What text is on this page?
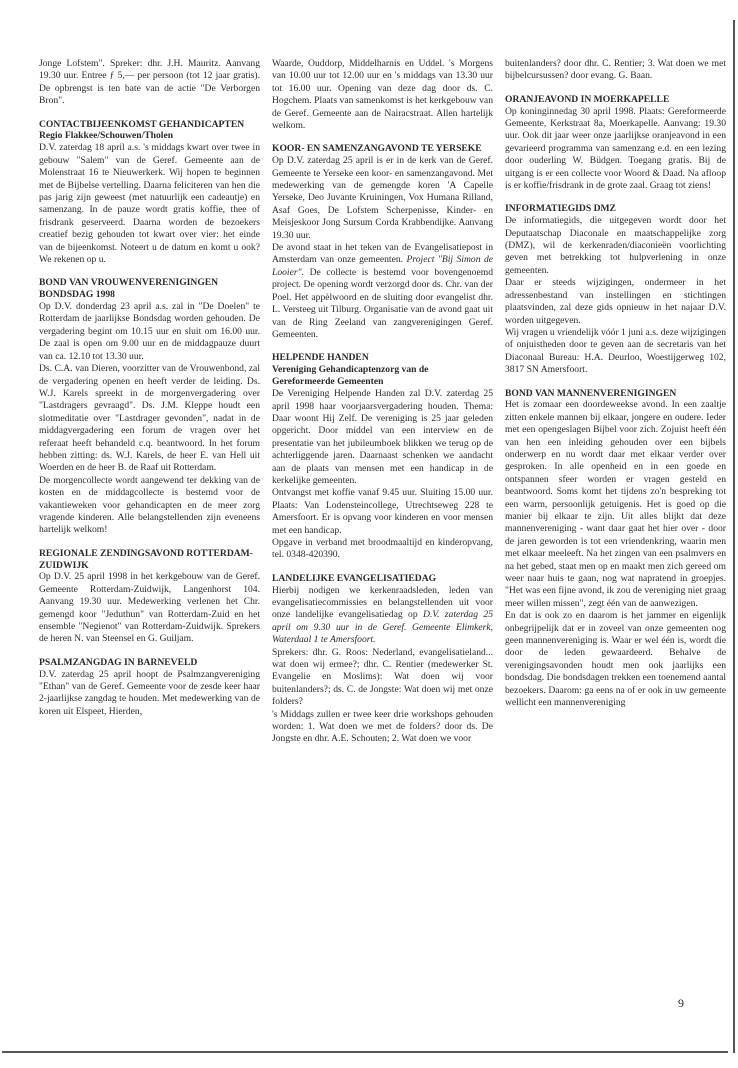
Jonge Lofstem". Spreker: dhr. J.H. Mauritz. Aanvang 19.30 uur. Entree ƒ 5,— per persoon (tot 12 jaar gratis). De opbrengst is ten bate van de actie "De Verborgen Bron".

CONTACTBIJEENKOMST GEHANDICAPTEN
Regio Flakkee/Schouwen/Tholen

D.V. zaterdag 18 april a.s. 's middags kwart over twee in gebouw "Salem" van de Geref. Gemeente aan de Molenstraat 16 te Nieuwerkerk. Wij hopen te beginnen met de Bijbelse vertelling. Daarna feliciteren van hen die pas jarig zijn geweest (met natuurlijk een cadeautje) en samenzang. In de pauze wordt gratis koffie, thee of frisdrank geserveerd. Daarna worden de bezoekers creatief bezig gehouden tot kwart over vier: het einde van de bijeenkomst. Noteert u de datum en komt u ook? We rekenen op u.

BOND VAN VROUWENVERENIGINGEN BONDSDAG 1998

Op D.V. donderdag 23 april a.s. zal in "De Doelen" te Rotterdam de jaarlijkse Bondsdag worden gehouden. De vergadering begint om 10.15 uur en sluit om 16.00 uur. De zaal is open om 9.00 uur en de middagpauze duurt van ca. 12.10 tot 13.30 uur.

Ds. C.A. van Dieren, voorzitter van de Vrouwenbond, zal de vergadering openen en heeft verder de leiding. Ds. W.J. Karels spreekt in de morgenvergadering over "Lastdragers gevraagd". Ds. J.M. Kleppe houdt een slotmeditatie over "Lastdrager gevonden", nadat in de middagvergadering een forum de vragen over het referaat heeft behandeld c.q. beantwoord. In het forum hebben zitting: ds. W.J. Karels, de heer E. van Hell uit Woerden en de heer B. de Raaf uit Rotterdam.

De morgencollecte wordt aangewend ter dekking van de kosten en de middagcollecte is bestemd voor de vakantieweken voor gehandicapten en de meer zorg vragende kinderen. Alle belangstellenden zijn eveneens hartelijk welkom!

REGIONALE ZENDINGSAVOND ROTTERDAM-ZUIDWIJK

Op D.V. 25 april 1998 in het kerkgebouw van de Geref. Gemeente Rotterdam-Zuidwijk, Langenhorst 104. Aanvang 19.30 uur. Medewerking verlenen het Chr. gemengd koor "Jeduthun" van Rotterdam-Zuid en het ensemble "Negienot" van Rotterdam-Zuidwijk. Sprekers de heren N. van Steensel en G. Guiljam.

PSALMZANGDAG IN BARNEVELD

D.V. zaterdag 25 april hoopt de Psalmzangvereniging "Ethan" van de Geref. Gemeente voor de zesde keer haar 2-jaarlijkse zangdag te houden. Met medewerking van de koren uit Elspeet, Hierden,

Waarde, Ouddorp, Middelharnis en Uddel. 's Morgens van 10.00 uur tot 12.00 uur en 's middags van 13.30 uur tot 16.00 uur. Opening van deze dag door ds. C. Hogchem. Plaats van samenkomst is het kerkgebouw van de Geref. Gemeente aan de Nairacstraat. Allen hartelijk welkom.

KOOR- EN SAMENZANGAVOND TE YERSEKE

Op D.V. zaterdag 25 april is er in de kerk van de Geref. Gemeente te Yerseke een koor- en samenzangavond. Met medewerking van de gemengde koren 'A Capelle Yerseke, Deo Juvante Kruiningen, Vox Humana Rilland, Asaf Goes, De Lofstem Scherpenisse, Kinder- en Meisjeskoor Jong Sursum Corda Krabbendijke. Aanvang 19.30 uur.

De avond staat in het teken van de Evangelisatiepost in Amsterdam van onze gemeenten. Project "Bij Simon de Looier". De collecte is bestemd voor bovengenoemd project. De opening wordt verzorgd door ds. Chr. van der Poel. Het appèlwoord en de sluiting door evangelist dhr. L. Versteeg uit Tilburg. Organisatie van de avond gaat uit van de Ring Zeeland van zangverenigingen Geref. Gemeenten.

HELPENDE HANDEN
Vereniging Gehandicaptenzorg van de Gereformeerde Gemeenten

De Vereniging Helpende Handen zal D.V. zaterdag 25 april 1998 haar voorjaarsvergadering houden. Thema: Daar woont Hij Zelf. De vereniging is 25 jaar geleden opgericht. Door middel van een interview en de presentatie van het jubileumboek blikken we terug op de achterliggende jaren. Daarnaast schenken we aandacht aan de plaats van mensen met een handicap in de kerkelijke gemeenten.

Ontvangst met koffie vanaf 9.45 uur. Sluiting 15.00 uur. Plaats: Van Lodensteincollege, Utrechtseweg 228 te Amersfoort. Er is opvang voor kinderen en voor mensen met een handicap.

Opgave in verband met broodmaaltijd en kinderopvang, tel. 0348-420390.

LANDELIJKE EVANGELISATIEDAG

Hierbij nodigen we kerkenraadsleden, leden van evangelisatiecommissies en belangstellenden uit voor onze landelijke evangelisatiedag op D.V. zaterdag 25 april om 9.30 uur in de Geref. Gemeente Elimkerk, Waterdaal 1 te Amersfoort.

Sprekers: dhr. G. Roos: Nederland, evangelisatieland... wat doen wij ermee?; dhr. C. Rentier (medewerker St. Evangelie en Moslims): Wat doen wij voor buitenlanders?; ds. C. de Jongste: Wat doen wij met onze folders?

's Middags zullen er twee keer drie workshops gehouden worden: 1. Wat doen we met de folders? door ds. De Jongste en dhr. A.E. Schouten; 2. Wat doen we voor

buitenlanders? door dhr. C. Rentier; 3. Wat doen we met bijbelcursussen? door evang. G. Baan.

ORANJEAVOND IN MOERKAPELLE

Op koninginnedag 30 april 1998. Plaats: Gereformeerde Gemeente, Kerkstraat 8a, Moerkapelle. Aanvang: 19.30 uur. Ook dit jaar weer onze jaarlijkse oranjeavond in een gevarieerd programma van samenzang e.d. en een lezing door ouderling W. Büdgen. Toegang gratis. Bij de uitgang is er een collecte voor Woord & Daad. Na afloop is er koffie/frisdrank in de grote zaal. Graag tot ziens!

INFORMATIEGIDS DMZ

De informatiegids, die uitgegeven wordt door het Deputaatschap Diaconale en maatschappelijke zorg (DMZ), wil de kerkenraden/diaconieën voorlichting geven met betrekking tot hulpverlening in onze gemeenten.

Daar er steeds wijzigingen, ondermeer in het adressenbestand van instellingen en stichtingen plaatsvinden, zal deze gids opnieuw in het najaar D.V. worden uitgegeven.

Wij vragen u vriendelijk vóór 1 juni a.s. deze wijzigingen of onjuistheden door te geven aan de secretaris van het Diaconaal Bureau: H.A. Deurloo, Woestijgerweg 102, 3817 SN Amersfoort.

BOND VAN MANNENVERENIGINGEN

Het is zomaar een doordeweekse avond. In een zaaltje zitten enkele mannen bij elkaar, jongere en oudere. Ieder met een opengeslagen Bijbel voor zich. Zojuist heeft één van hen een inleiding gehouden over een bijbels onderwerp en nu wordt daar met elkaar verder over gesproken. In alle openheid en in een goede en ontspannen sfeer worden er vragen gesteld en beantwoord. Soms komt het tijdens zo'n bespreking tot een warm, persoonlijk getuigenis. Het is goed op die manier bij elkaar te zijn. Uit alles blijkt dat deze mannenvereniging - want daar gaat het hier over - door de jaren geworden is tot een vriendenkring, waarin men met elkaar meeleeft. Na het zingen van een psalmvers en na het gebed, staat men op en maakt men zich gereed om weer naar huis te gaan, nog wat napratend in groepjes. "Het was een fijne avond, ik zou de vereniging niet graag meer willen missen", zegt één van de aanwezigen.

En dat is ook zo en daarom is het jammer en eigenlijk onbegrijpelijk dat er in zoveel van onze gemeenten nog geen mannenvereniging is. Waar er wel één is, wordt die door de leden gewaardeerd. Behalve de verenigingsavonden houdt men ook jaarlijks een bondsdag. Die bondsdagen trekken een toenemend aantal bezoekers. Daarom: ga eens na of er ook in uw gemeente wellicht een mannenvereniging

9
